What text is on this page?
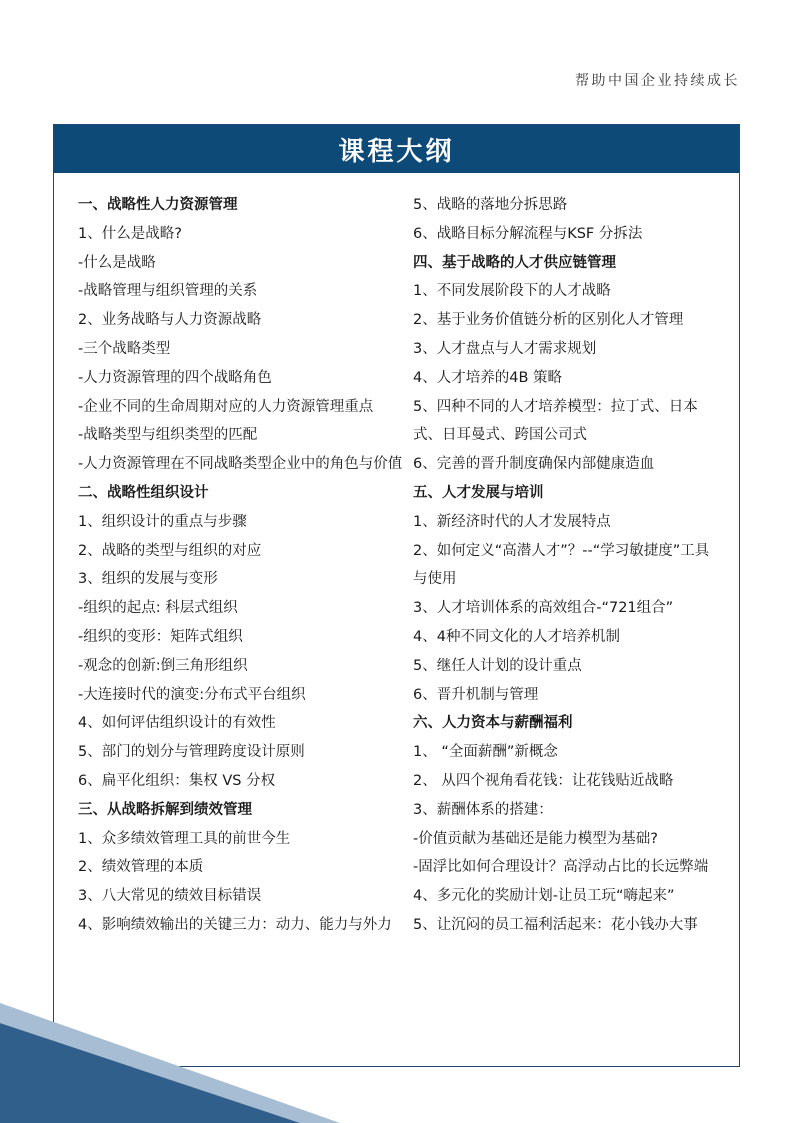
帮助中国企业持续成长
课程大纲
一、战略性人力资源管理
1、什么是战略?
-什么是战略
-战略管理与组织管理的关系
2、业务战略与人力资源战略
-三个战略类型
-人力资源管理的四个战略角色
-企业不同的生命周期对应的人力资源管理重点
-战略类型与组织类型的匹配
-人力资源管理在不同战略类型企业中的角色与价值
二、战略性组织设计
1、组织设计的重点与步骤
2、战略的类型与组织的对应
3、组织的发展与变形
-组织的起点: 科层式组织
-组织的变形：矩阵式组织
-观念的创新:倒三角形组织
-大连接时代的演变:分布式平台组织
4、如何评估组织设计的有效性
5、部门的划分与管理跨度设计原则
6、扁平化组织：集权 VS 分权
三、从战略拆解到绩效管理
1、众多绩效管理工具的前世今生
2、绩效管理的本质
3、八大常见的绩效目标错误
4、影响绩效输出的关键三力：动力、能力与外力
5、战略的落地分拆思路
6、战略目标分解流程与KSF 分拆法
四、基于战略的人才供应链管理
1、不同发展阶段下的人才战略
2、基于业务价值链分析的区别化人才管理
3、人才盘点与人才需求规划
4、人才培养的4B 策略
5、四种不同的人才培养模型：拉丁式、日本式、日耳曼式、跨国公司式
6、完善的晋升制度确保内部健康造血
五、人才发展与培训
1、新经济时代的人才发展特点
2、如何定义“高潜人才”？--“学习敏捷度”工具与使用
3、人才培训体系的高效组合-“721组合”
4、4种不同文化的人才培养机制
5、继任人计划的设计重点
6、晋升机制与管理
六、人力资本与薪酬福利
1、 “全面薪酬”新概念
2、 从四个视角看花钱：让花钱贴近战略
3、薪酬体系的搭建：
-价值贡献为基础还是能力模型为基础?
-固浮比如何合理设计？高浮动占比的长远弊端
4、多元化的奖励计划-让员工玩“嗨起来”
5、让沉闷的员工福利活起来：花小钱办大事
